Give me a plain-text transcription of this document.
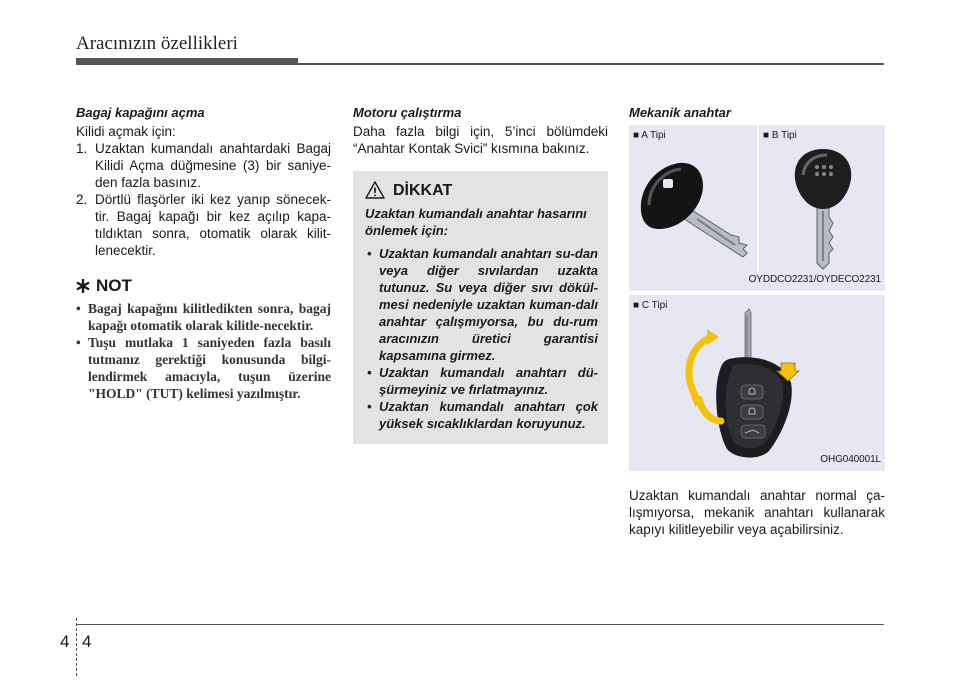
Aracınızın özellikleri
Bagaj kapağını açma

Kilidi açmak için:

1. Uzaktan kumandalı anahtardaki Bagaj Kilidi Açma düğmesine (3) bir saniye-den fazla basınız.
2. Dörtlü flaşörler iki kez yanıp sönecek-tir. Bagaj kapağı bir kez açılıp kapa-tıldıktan sonra, otomatik olarak kilit-lenecektir.
NOT
• Bagaj kapağını kilitledikten sonra, bagaj kapağı otomatik olarak kilitle-necektir.
• Tuşu mutlaka 1 saniyeden fazla basılı tutmanız gerektiği konusunda bilgi-lendirmek amacıyla, tuşun üzerine "HOLD" (TUT) kelimesi yazılmıştır.
Motoru çalıştırma

Daha fazla bilgi için, 5’inci bölümdeki “Anahtar Kontak Svici” kısmına bakınız.

DİKKAT
Uzaktan kumandalı anahtar hasarını önlemek için:
• Uzaktan kumandalı anahtarı su-dan veya diğer sıvılardan uzakta tutunuz. Su veya diğer sıvı dökül-mesi nedeniyle uzaktan kuman-dalı anahtar çalışmıyorsa, bu du-rum aracınızın üretici garantisi kapsamına girmez.
• Uzaktan kumandalı anahtarı dü-şürmeyiniz ve fırlatmayınız.
• Uzaktan kumandalı anahtarı çok yüksek sıcaklıklardan koruyunuz.
Mekanik anahtar
■ A Tipi	■ B Tipi
OYDDCO2231/OYDECO2231
■ C Tipi
OHG040001L

Uzaktan kumandalı anahtar normal ça-lışmıyorsa, mekanik anahtarı kullanarak kapıyı kilitleyebilir veya açabilirsiniz.

4 4
